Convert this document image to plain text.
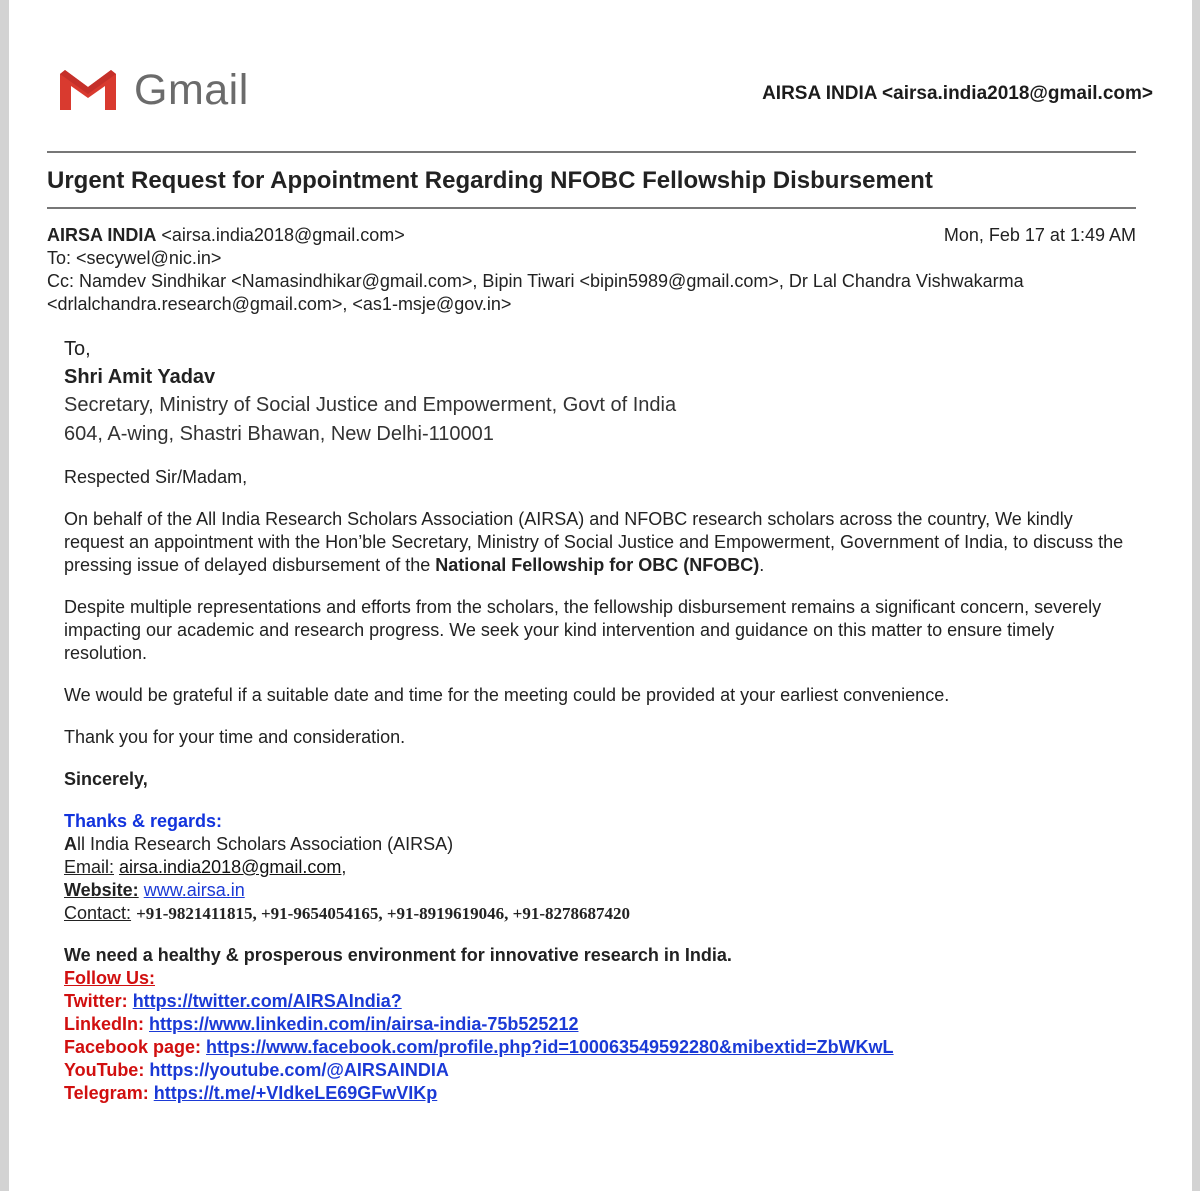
Gmail	AIRSA INDIA <airsa.india2018@gmail.com>
Urgent Request for Appointment Regarding NFOBC Fellowship Disbursement
AIRSA INDIA <airsa.india2018@gmail.com>	Mon, Feb 17 at 1:49 AM
To: <secywel@nic.in>
Cc: Namdev Sindhikar <Namasindhikar@gmail.com>, Bipin Tiwari <bipin5989@gmail.com>, Dr Lal Chandra Vishwakarma
<drlalchandra.research@gmail.com>, <as1-msje@gov.in>

To,

Shri Amit Yadav

Secretary, Ministry of Social Justice and Empowerment, Govt of India

604, A-wing, Shastri Bhawan, New Delhi-110001

Respected Sir/Madam,

On behalf of the All India Research Scholars Association (AIRSA) and NFOBC research scholars across the country, We kindly request an appointment with the Hon’ble Secretary, Ministry of Social Justice and Empowerment, Government of India, to discuss the pressing issue of delayed disbursement of the National Fellowship for OBC (NFOBC).

Despite multiple representations and efforts from the scholars, the fellowship disbursement remains a significant concern, severely impacting our academic and research progress. We seek your kind intervention and guidance on this matter to ensure timely resolution.

We would be grateful if a suitable date and time for the meeting could be provided at your earliest convenience.

Thank you for your time and consideration.

Sincerely,

Thanks & regards:

All India Research Scholars Association (AIRSA)

Email: airsa.india2018@gmail.com,

Website: www.airsa.in

Contact: +91-9821411815, +91-9654054165, +91-8919619046, +91-8278687420

We need a healthy & prosperous environment for innovative research in India.

Follow Us:

Twitter: https://twitter.com/AIRSAIndia?

LinkedIn: https://www.linkedin.com/in/airsa-india-75b525212

Facebook page: https://www.facebook.com/profile.php?id=100063549592280&mibextid=ZbWKwL

YouTube: https://youtube.com/@AIRSAINDIA

Telegram: https://t.me/+VIdkeLE69GFwVIKp
